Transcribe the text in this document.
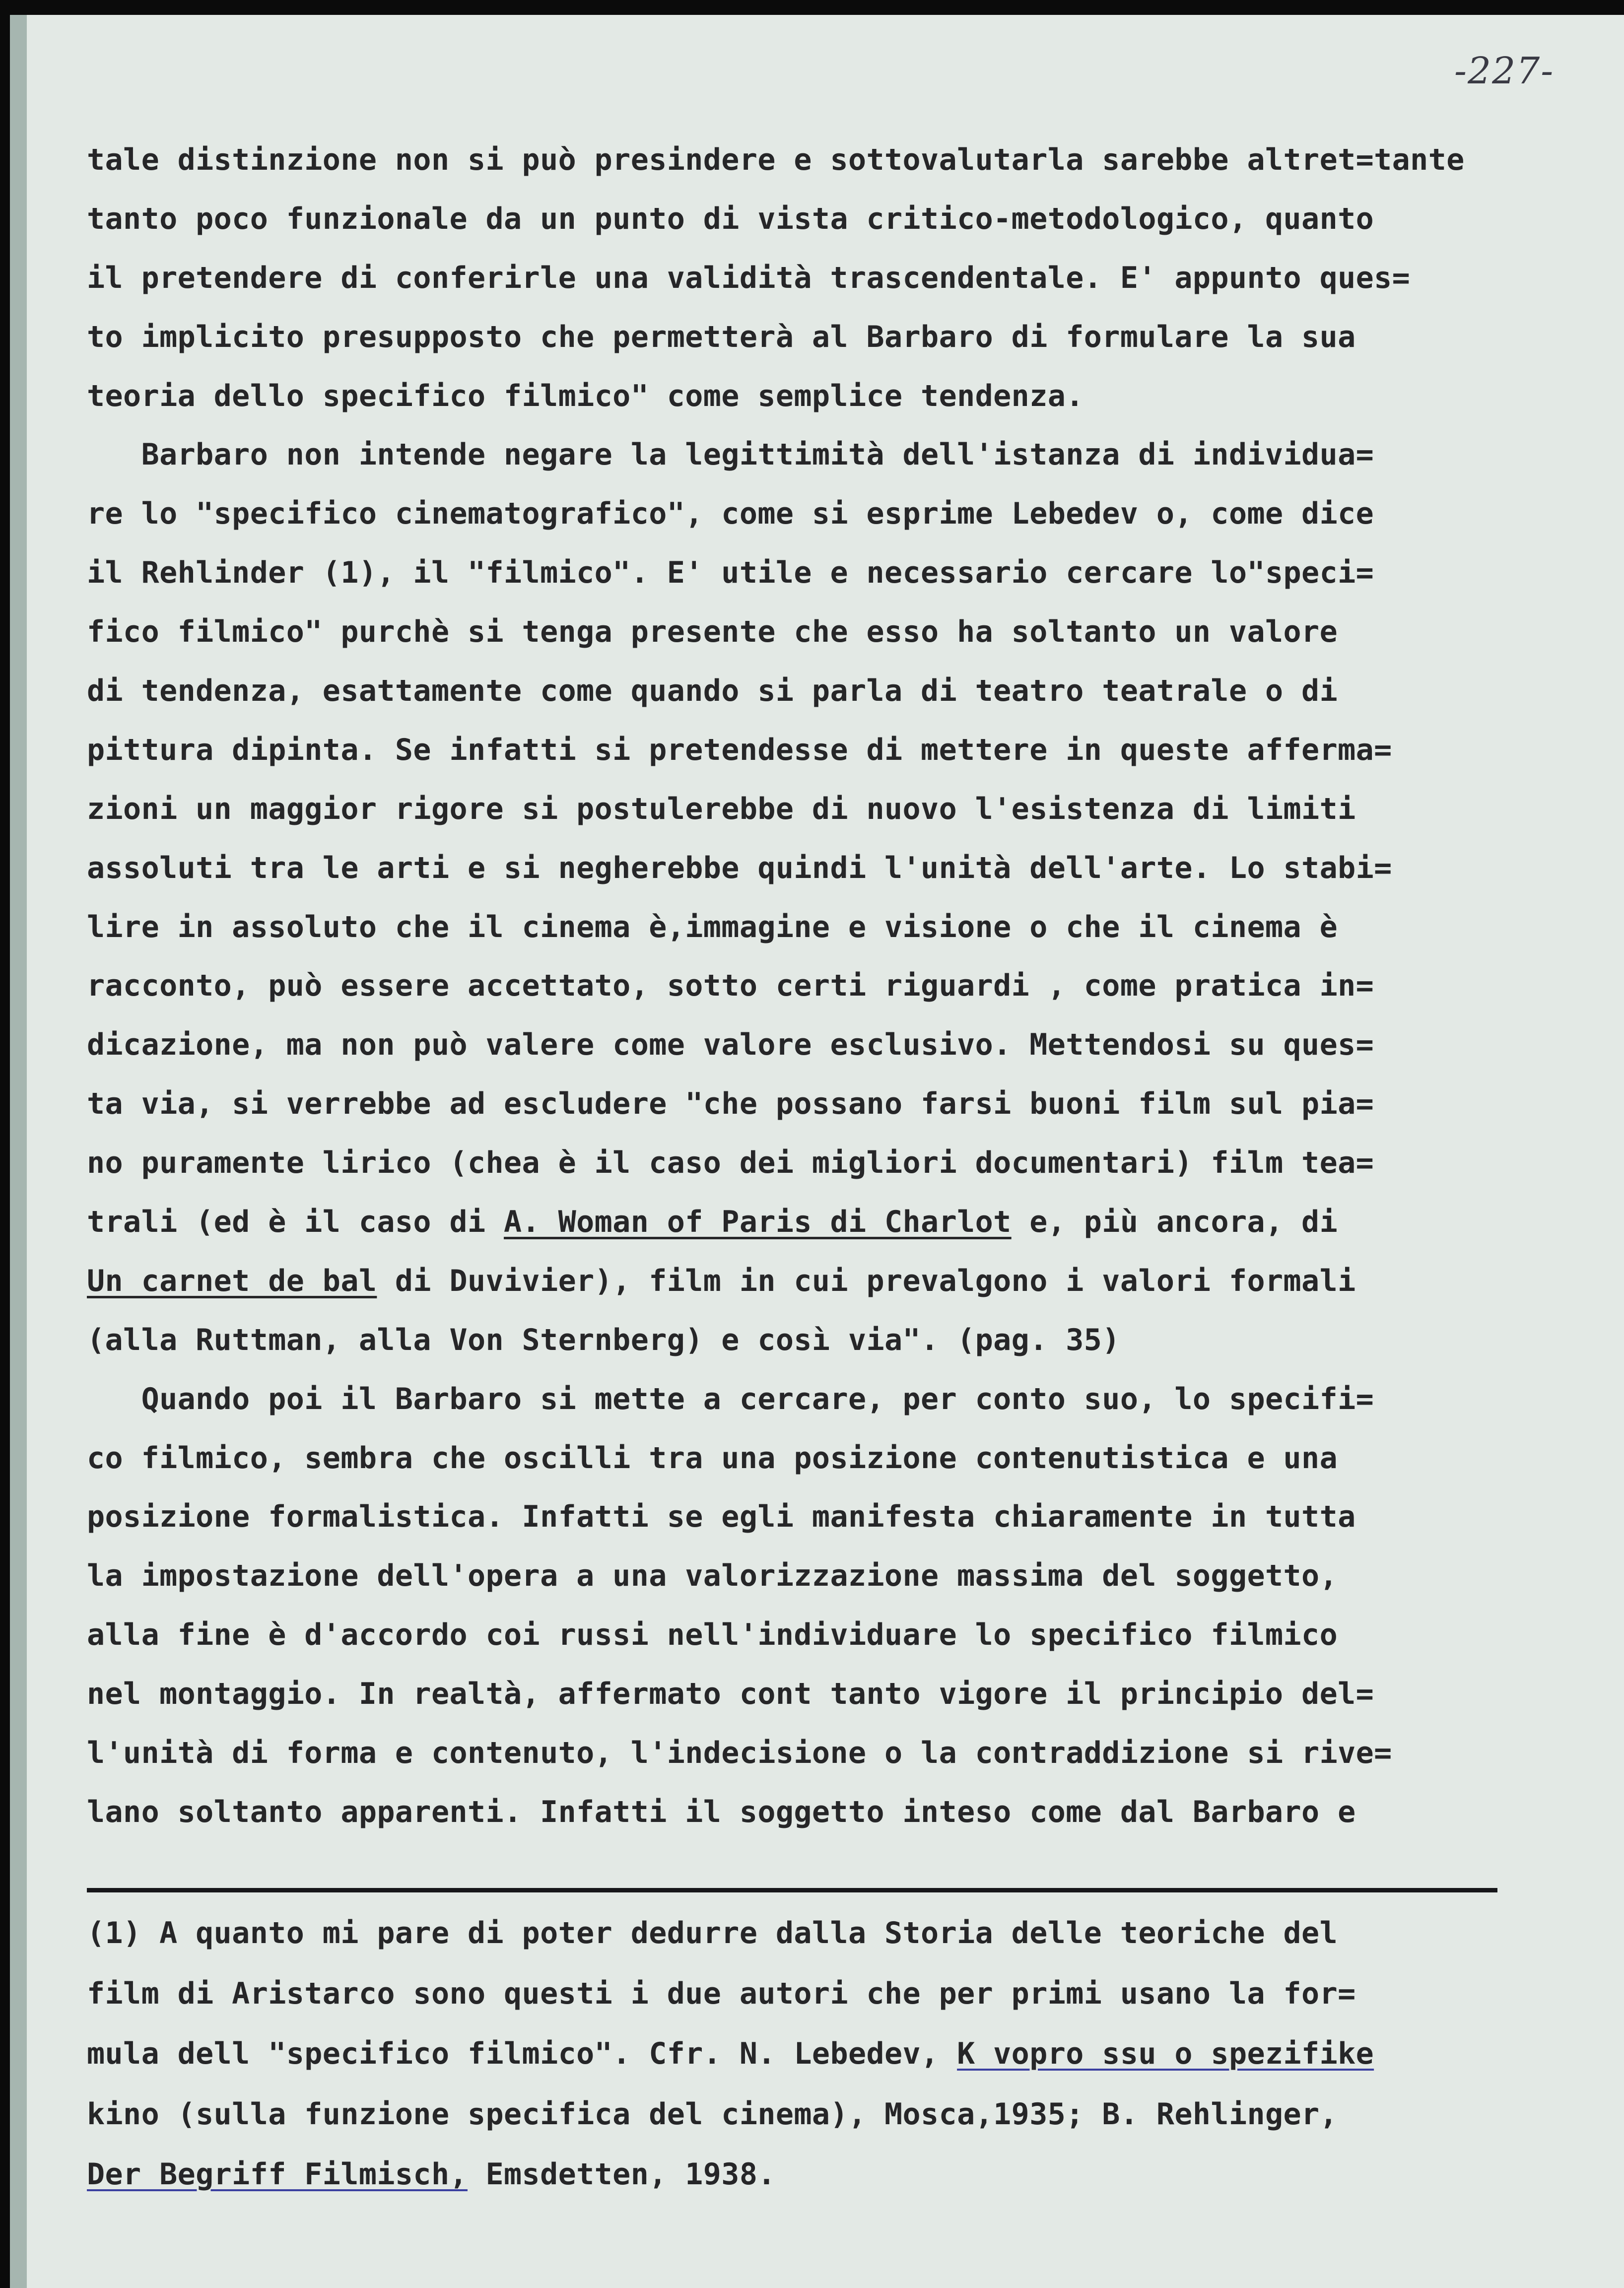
-227-
tale distinzione non si può presindere e sottovalutarla sarebbe altret=tante
tanto poco funzionale da un punto di vista critico-metodologico, quanto
il pretendere di conferirle una validità trascendentale. E' appunto ques=
to implicito presupposto che permetterà al Barbaro di formulare la sua
teoria dello specifico filmico" come semplice tendenza.
Barbaro non intende negare la legittimità dell'istanza di individua=
re lo "specifico cinematografico", come si esprime Lebedev o, come dice
il Rehlinder (1), il "filmico". E' utile e necessario cercare lo"speci=
fico filmico" purchè si tenga presente che esso ha soltanto un valore
di tendenza, esattamente come quando si parla di teatro teatrale o di
pittura dipinta. Se infatti si pretendesse di mettere in queste afferma=
zioni un maggior rigore si postulerebbe di nuovo l'esistenza di limiti
assoluti tra le arti e si negherebbe quindi l'unità dell'arte. Lo stabi=
lire in assoluto che il cinema è,immagine e visione o che il cinema è
racconto, può essere accettato, sotto certi riguardi , come pratica in=
dicazione, ma non può valere come valore esclusivo. Mettendosi su ques=
ta via, si verrebbe ad escludere "che possano farsi buoni film sul pia=
no puramente lirico (chea è il caso dei migliori documentari) film tea=
trali (ed è il caso di A. Woman of Paris di Charlot e, più ancora, di
Un carnet de bal di Duvivier), film in cui prevalgono i valori formali
(alla Ruttman, alla Von Sternberg) e così via". (pag. 35)
Quando poi il Barbaro si mette a cercare, per conto suo, lo specifi=
co filmico, sembra che oscilli tra una posizione contenutistica e una
posizione formalistica. Infatti se egli manifesta chiaramente in tutta
la impostazione dell'opera a una valorizzazione massima del soggetto,
alla fine è d'accordo coi russi nell'individuare lo specifico filmico
nel montaggio. In realtà, affermato cont tanto vigore il principio del=
l'unità di forma e contenuto, l'indecisione o la contraddizione si rive=
lano soltanto apparenti. Infatti il soggetto inteso come dal Barbaro e
(1) A quanto mi pare di poter dedurre dalla Storia delle teoriche del
film di Aristarco sono questi i due autori che per primi usano la for=
mula dell "specifico filmico". Cfr. N. Lebedev, K vopro ssu o spezifike
kino (sulla funzione specifica del cinema), Mosca,1935; B. Rehlinger,
Der Begriff Filmisch, Emsdetten, 1938.
